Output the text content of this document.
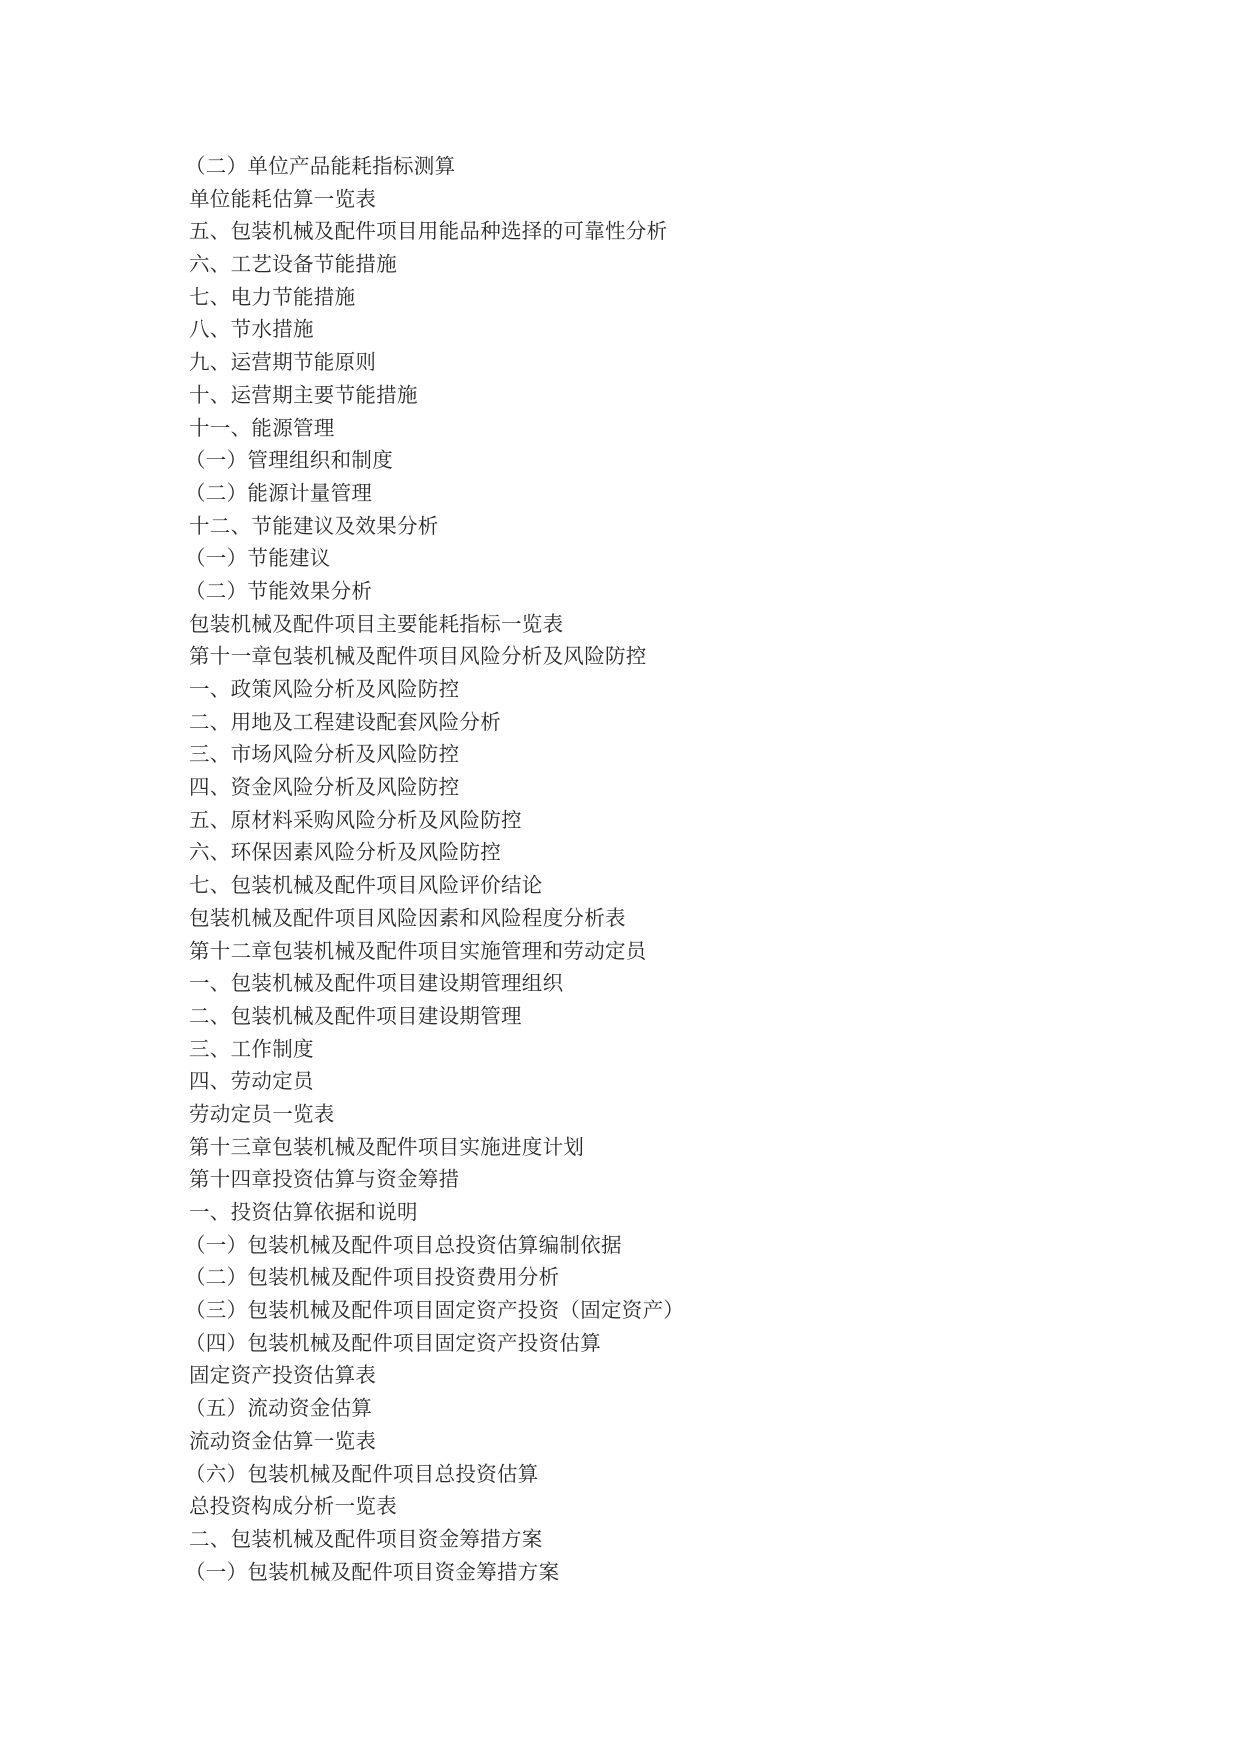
（二）单位产品能耗指标测算
单位能耗估算一览表
五、包装机械及配件项目用能品种选择的可靠性分析
六、工艺设备节能措施
七、电力节能措施
八、节水措施
九、运营期节能原则
十、运营期主要节能措施
十一、能源管理
（一）管理组织和制度
（二）能源计量管理
十二、节能建议及效果分析
（一）节能建议
（二）节能效果分析
包装机械及配件项目主要能耗指标一览表
第十一章包装机械及配件项目风险分析及风险防控
一、政策风险分析及风险防控
二、用地及工程建设配套风险分析
三、市场风险分析及风险防控
四、资金风险分析及风险防控
五、原材料采购风险分析及风险防控
六、环保因素风险分析及风险防控
七、包装机械及配件项目风险评价结论
包装机械及配件项目风险因素和风险程度分析表
第十二章包装机械及配件项目实施管理和劳动定员
一、包装机械及配件项目建设期管理组织
二、包装机械及配件项目建设期管理
三、工作制度
四、劳动定员
劳动定员一览表
第十三章包装机械及配件项目实施进度计划
第十四章投资估算与资金筹措
一、投资估算依据和说明
（一）包装机械及配件项目总投资估算编制依据
（二）包装机械及配件项目投资费用分析
（三）包装机械及配件项目固定资产投资（固定资产）
（四）包装机械及配件项目固定资产投资估算
固定资产投资估算表
（五）流动资金估算
流动资金估算一览表
（六）包装机械及配件项目总投资估算
总投资构成分析一览表
二、包装机械及配件项目资金筹措方案
（一）包装机械及配件项目资金筹措方案
